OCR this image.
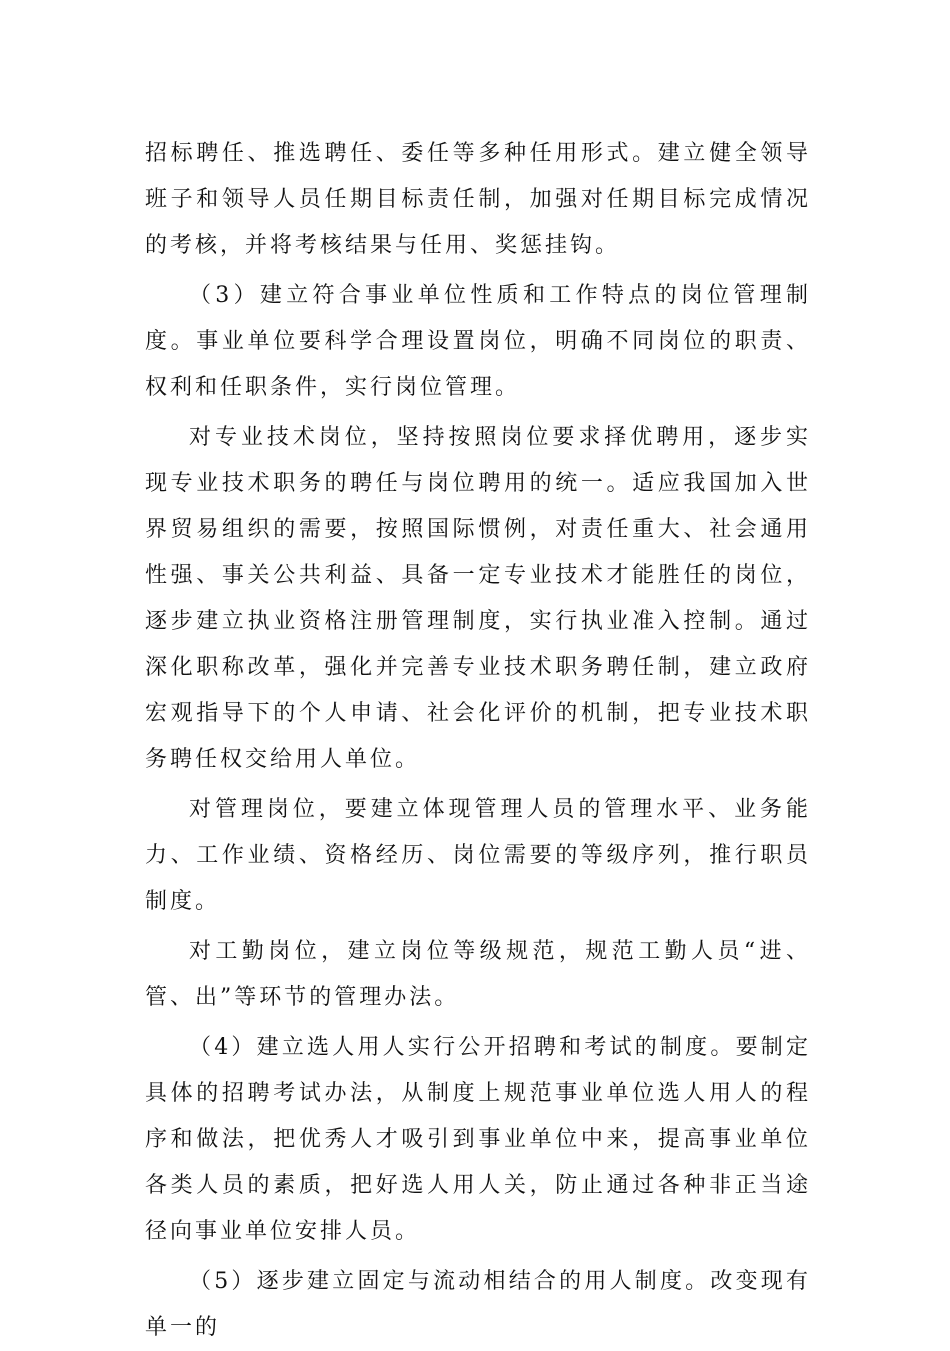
招标聘任、推选聘任、委任等多种任用形式。建立健全领导班子和领导人员任期目标责任制，加强对任期目标完成情况的考核，并将考核结果与任用、奖惩挂钩。

（3）建立符合事业单位性质和工作特点的岗位管理制度。事业单位要科学合理设置岗位，明确不同岗位的职责、权利和任职条件，实行岗位管理。

对专业技术岗位，坚持按照岗位要求择优聘用，逐步实现专业技术职务的聘任与岗位聘用的统一。适应我国加入世界贸易组织的需要，按照国际惯例，对责任重大、社会通用性强、事关公共利益、具备一定专业技术才能胜任的岗位，逐步建立执业资格注册管理制度，实行执业准入控制。通过深化职称改革，强化并完善专业技术职务聘任制，建立政府宏观指导下的个人申请、社会化评价的机制，把专业技术职务聘任权交给用人单位。

对管理岗位，要建立体现管理人员的管理水平、业务能力、工作业绩、资格经历、岗位需要的等级序列，推行职员制度。

对工勤岗位，建立岗位等级规范，规范工勤人员“进、管、出”等环节的管理办法。

（4）建立选人用人实行公开招聘和考试的制度。要制定具体的招聘考试办法，从制度上规范事业单位选人用人的程序和做法，把优秀人才吸引到事业单位中来，提高事业单位各类人员的素质，把好选人用人关，防止通过各种非正当途径向事业单位安排人员。

（5）逐步建立固定与流动相结合的用人制度。改变现有单一的
